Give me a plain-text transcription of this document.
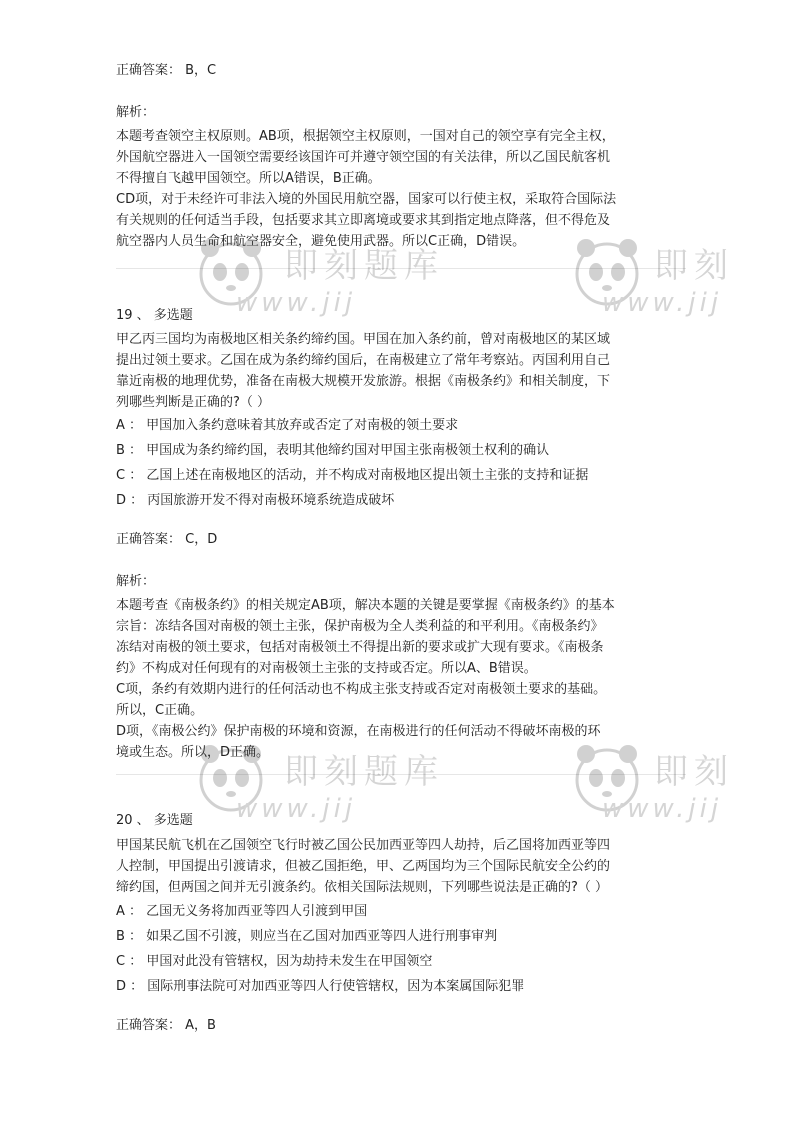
正确答案： B，C
解析：
本题考查领空主权原则。AB项，根据领空主权原则，一国对自己的领空享有完全主权，
外国航空器进入一国领空需要经该国许可并遵守领空国的有关法律，所以乙国民航客机
不得擅自飞越甲国领空。所以A错误，B正确。
CD项，对于未经许可非法入境的外国民用航空器，国家可以行使主权，采取符合国际法
有关规则的任何适当手段，包括要求其立即离境或要求其到指定地点降落，但不得危及
航空器内人员生命和航空器安全，避免使用武器。所以C正确，D错误。
19 、 多选题
甲乙丙三国均为南极地区相关条约缔约国。甲国在加入条约前，曾对南极地区的某区域
提出过领土要求。乙国在成为条约缔约国后，在南极建立了常年考察站。丙国利用自己
靠近南极的地理优势，准备在南极大规模开发旅游。根据《南极条约》和相关制度，下
列哪些判断是正确的?（ ）
A ： 甲国加入条约意味着其放弃或否定了对南极的领土要求
B ： 甲国成为条约缔约国，表明其他缔约国对甲国主张南极领土权利的确认
C ： 乙国上述在南极地区的活动，并不构成对南极地区提出领土主张的支持和证据
D ： 丙国旅游开发不得对南极环境系统造成破坏
正确答案： C，D
解析：
本题考查《南极条约》的相关规定AB项，解决本题的关键是要掌握《南极条约》的基本
宗旨：冻结各国对南极的领土主张，保护南极为全人类利益的和平利用。《南极条约》
冻结对南极的领土要求，包括对南极领土不得提出新的要求或扩大现有要求。《南极条
约》不构成对任何现有的对南极领土主张的支持或否定。所以A、B错误。
C项，条约有效期内进行的任何活动也不构成主张支持或否定对南极领土要求的基础。
所以，C正确。
D项，《南极公约》保护南极的环境和资源，在南极进行的任何活动不得破坏南极的环
境或生态。所以，D正确。
20 、 多选题
甲国某民航飞机在乙国领空飞行时被乙国公民加西亚等四人劫持，后乙国将加西亚等四
人控制，甲国提出引渡请求，但被乙国拒绝，甲、乙两国均为三个国际民航安全公约的
缔约国，但两国之间并无引渡条约。依相关国际法规则，下列哪些说法是正确的?（ ）
A ： 乙国无义务将加西亚等四人引渡到甲国
B ： 如果乙国不引渡，则应当在乙国对加西亚等四人进行刑事审判
C ： 甲国对此没有管辖权，因为劫持未发生在甲国领空
D ： 国际刑事法院可对加西亚等四人行使管辖权，因为本案属国际犯罪
正确答案： A，B
即刻题库
www.jij
即刻
www.jij
即刻题库
www.jij
即刻
www.jij
